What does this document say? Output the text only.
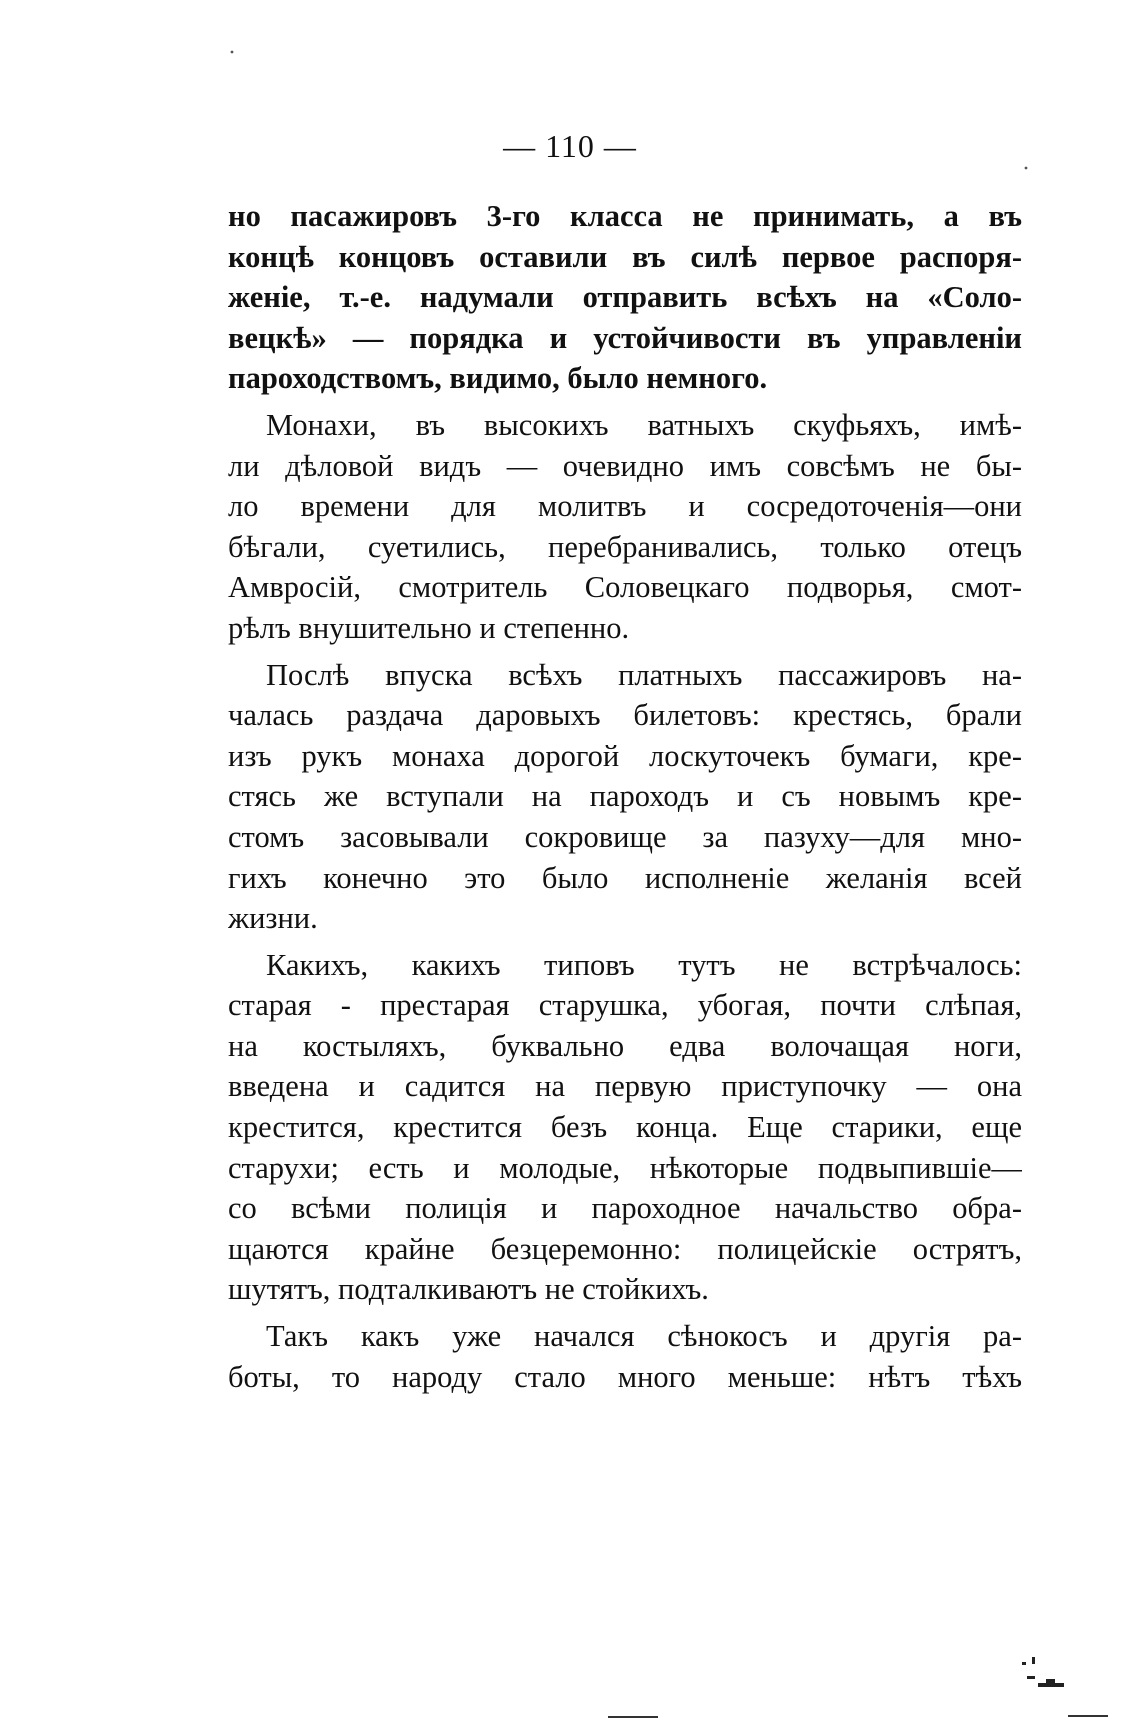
— 110 —
но пасажировъ 3-го класса не принимать, а въ
концѣ концовъ оставили въ силѣ первое распоря-
женіе, т.-е. надумали отправить всѣхъ на «Соло-
вецкѣ» — порядка и устойчивости въ управленіи
пароходствомъ, видимо, было немного.
Монахи, въ высокихъ ватныхъ скуфьяхъ, имѣ-
ли дѣловой видъ — очевидно имъ совсѣмъ не бы-
ло времени для молитвъ и сосредоточенія—они
бѣгали, суетились, перебранивались, только отецъ
Амвросій, смотритель Соловецкаго подворья, смот-
рѣлъ внушительно и степенно.
Послѣ впуска всѣхъ платныхъ пассажировъ на-
чалась раздача даровыхъ билетовъ: крестясь, брали
изъ рукъ монаха дорогой лоскуточекъ бумаги, кре-
стясь же вступали на пароходъ и съ новымъ кре-
стомъ засовывали сокровище за пазуху—для мно-
гихъ конечно это было исполненіе желанія всей
жизни.
Какихъ, какихъ типовъ тутъ не встрѣчалось:
старая - престарая старушка, убогая, почти слѣпая,
на костыляхъ, буквально едва волочащая ноги,
введена и садится на первую приступочку — она
крестится, крестится безъ конца. Еще старики, еще
старухи; есть и молодые, нѣкоторые подвыпившіе—
со всѣми полиція и пароходное начальство обра-
щаются крайне безцеремонно: полицейскіе острятъ,
шутятъ, подталкиваютъ не стойкихъ.
Такъ какъ уже начался сѣнокосъ и другія ра-
боты, то народу стало много меньше: нѣтъ тѣхъ
